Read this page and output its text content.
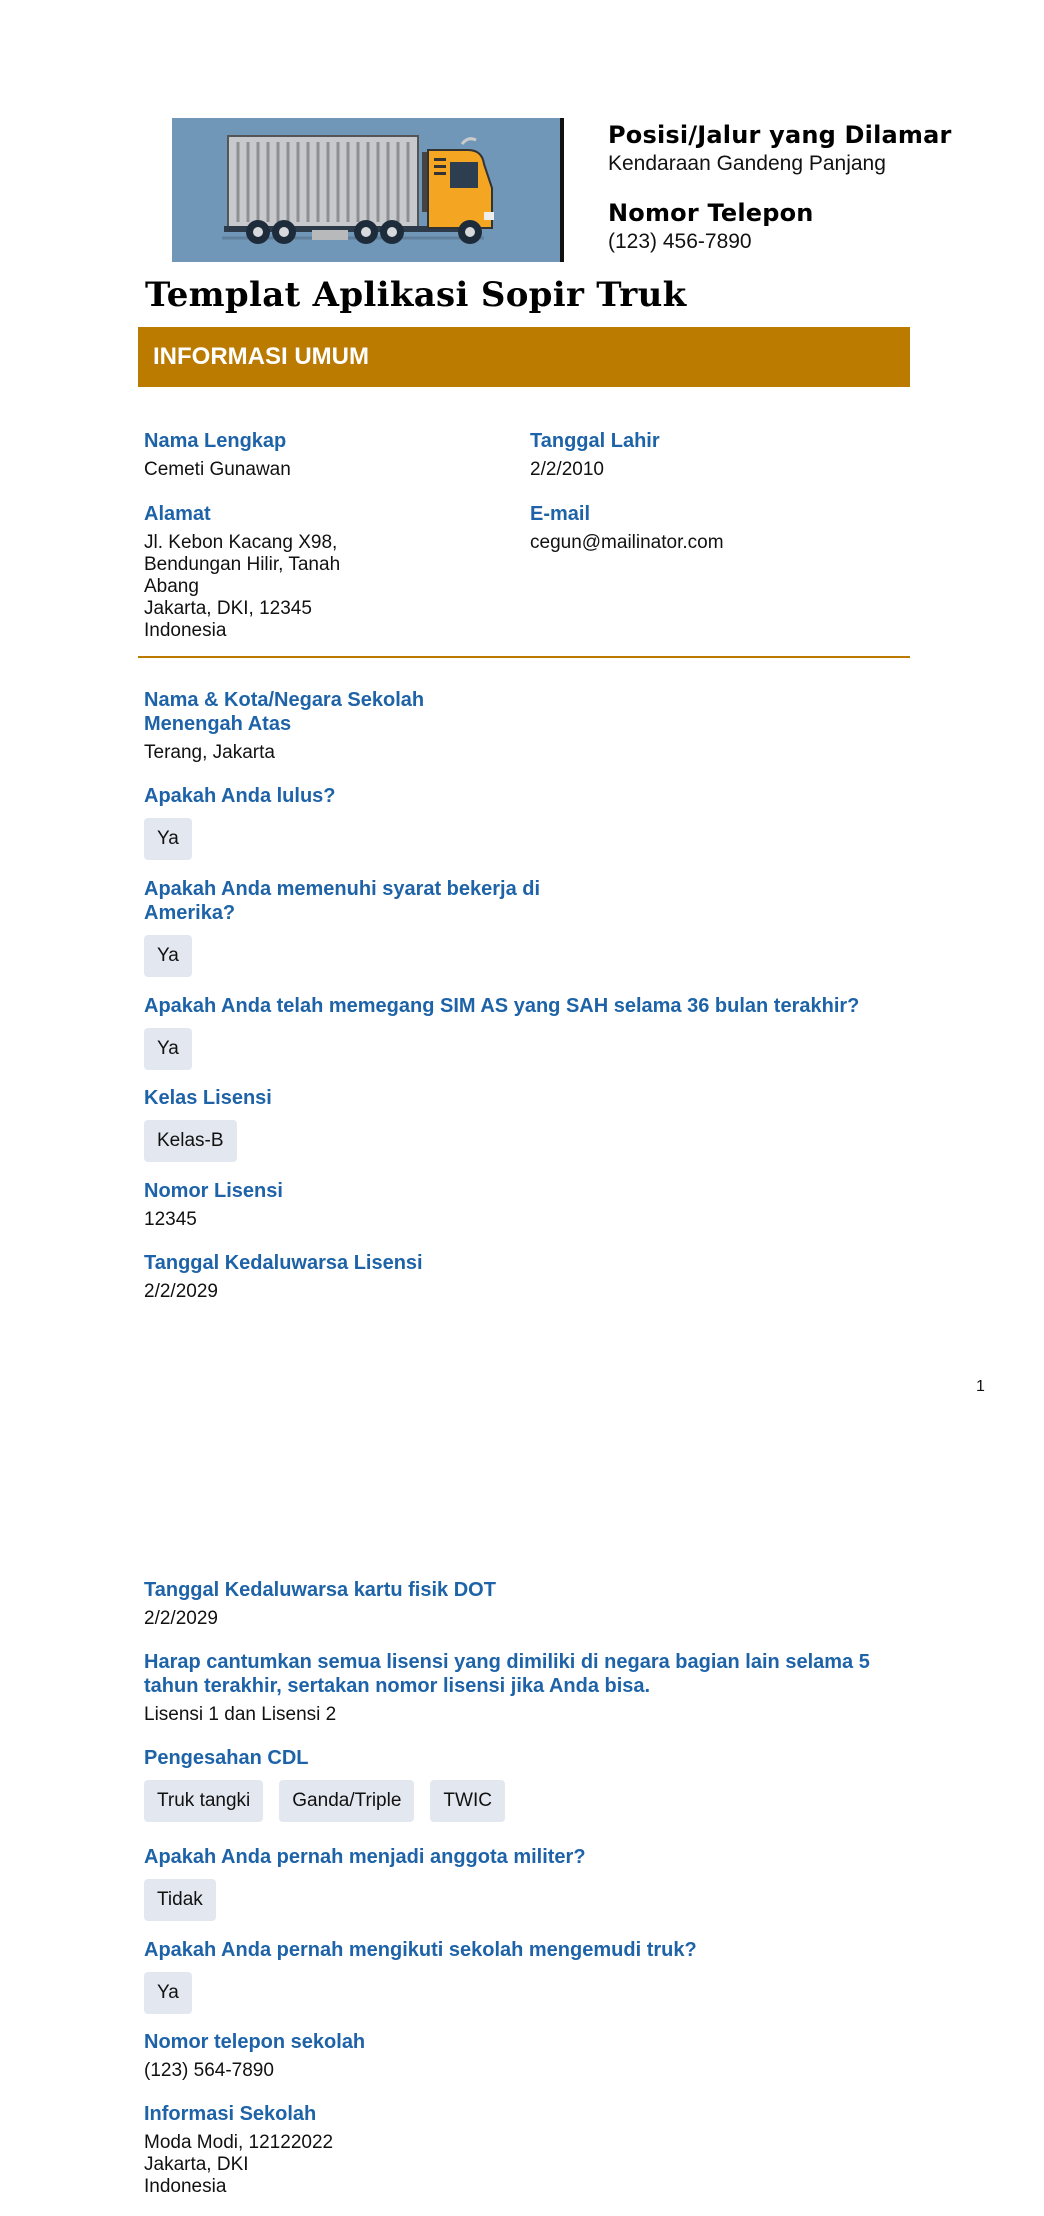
Posisi/Jalur yang Dilamar
Kendaraan Gandeng Panjang
Nomor Telepon
(123) 456-7890
Templat Aplikasi Sopir Truk
INFORMASI UMUM
Nama Lengkap
Cemeti Gunawan
Tanggal Lahir
2/2/2010
Alamat
Jl. Kebon Kacang X98,
Bendungan Hilir, Tanah
Abang
Jakarta, DKI, 12345
Indonesia
E-mail
cegun@mailinator.com
Nama & Kota/Negara Sekolah
Menengah Atas
Terang, Jakarta
Apakah Anda lulus?
Ya
Apakah Anda memenuhi syarat bekerja di
Amerika?
Ya
Apakah Anda telah memegang SIM AS yang SAH selama 36 bulan terakhir?
Ya
Kelas Lisensi
Kelas-B
Nomor Lisensi
12345
Tanggal Kedaluwarsa Lisensi
2/2/2029
1
Tanggal Kedaluwarsa kartu fisik DOT
2/2/2029
Harap cantumkan semua lisensi yang dimiliki di negara bagian lain selama 5
tahun terakhir, sertakan nomor lisensi jika Anda bisa.
Lisensi 1 dan Lisensi 2
Pengesahan CDL
Truk tangki	Ganda/Triple	TWIC
Apakah Anda pernah menjadi anggota militer?
Tidak
Apakah Anda pernah mengikuti sekolah mengemudi truk?
Ya
Nomor telepon sekolah
(123) 564-7890
Informasi Sekolah
Moda Modi, 12122022
Jakarta, DKI
Indonesia
